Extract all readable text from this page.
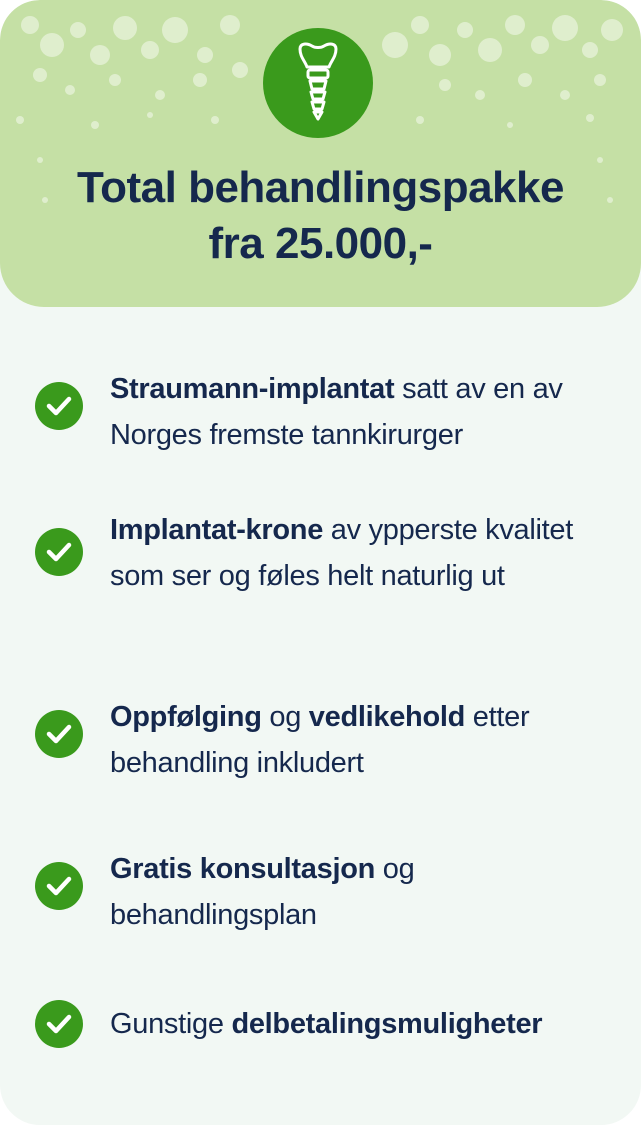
Total behandlingspakke
fra 25.000,-
Straumann-implantat satt av en av Norges fremste tannkirurger
Implantat-krone av ypperste kvalitet som ser og føles helt naturlig ut
Oppfølging og vedlikehold etter behandling inkludert
Gratis konsultasjon og behandlingsplan
Gunstige delbetalingsmuligheter
